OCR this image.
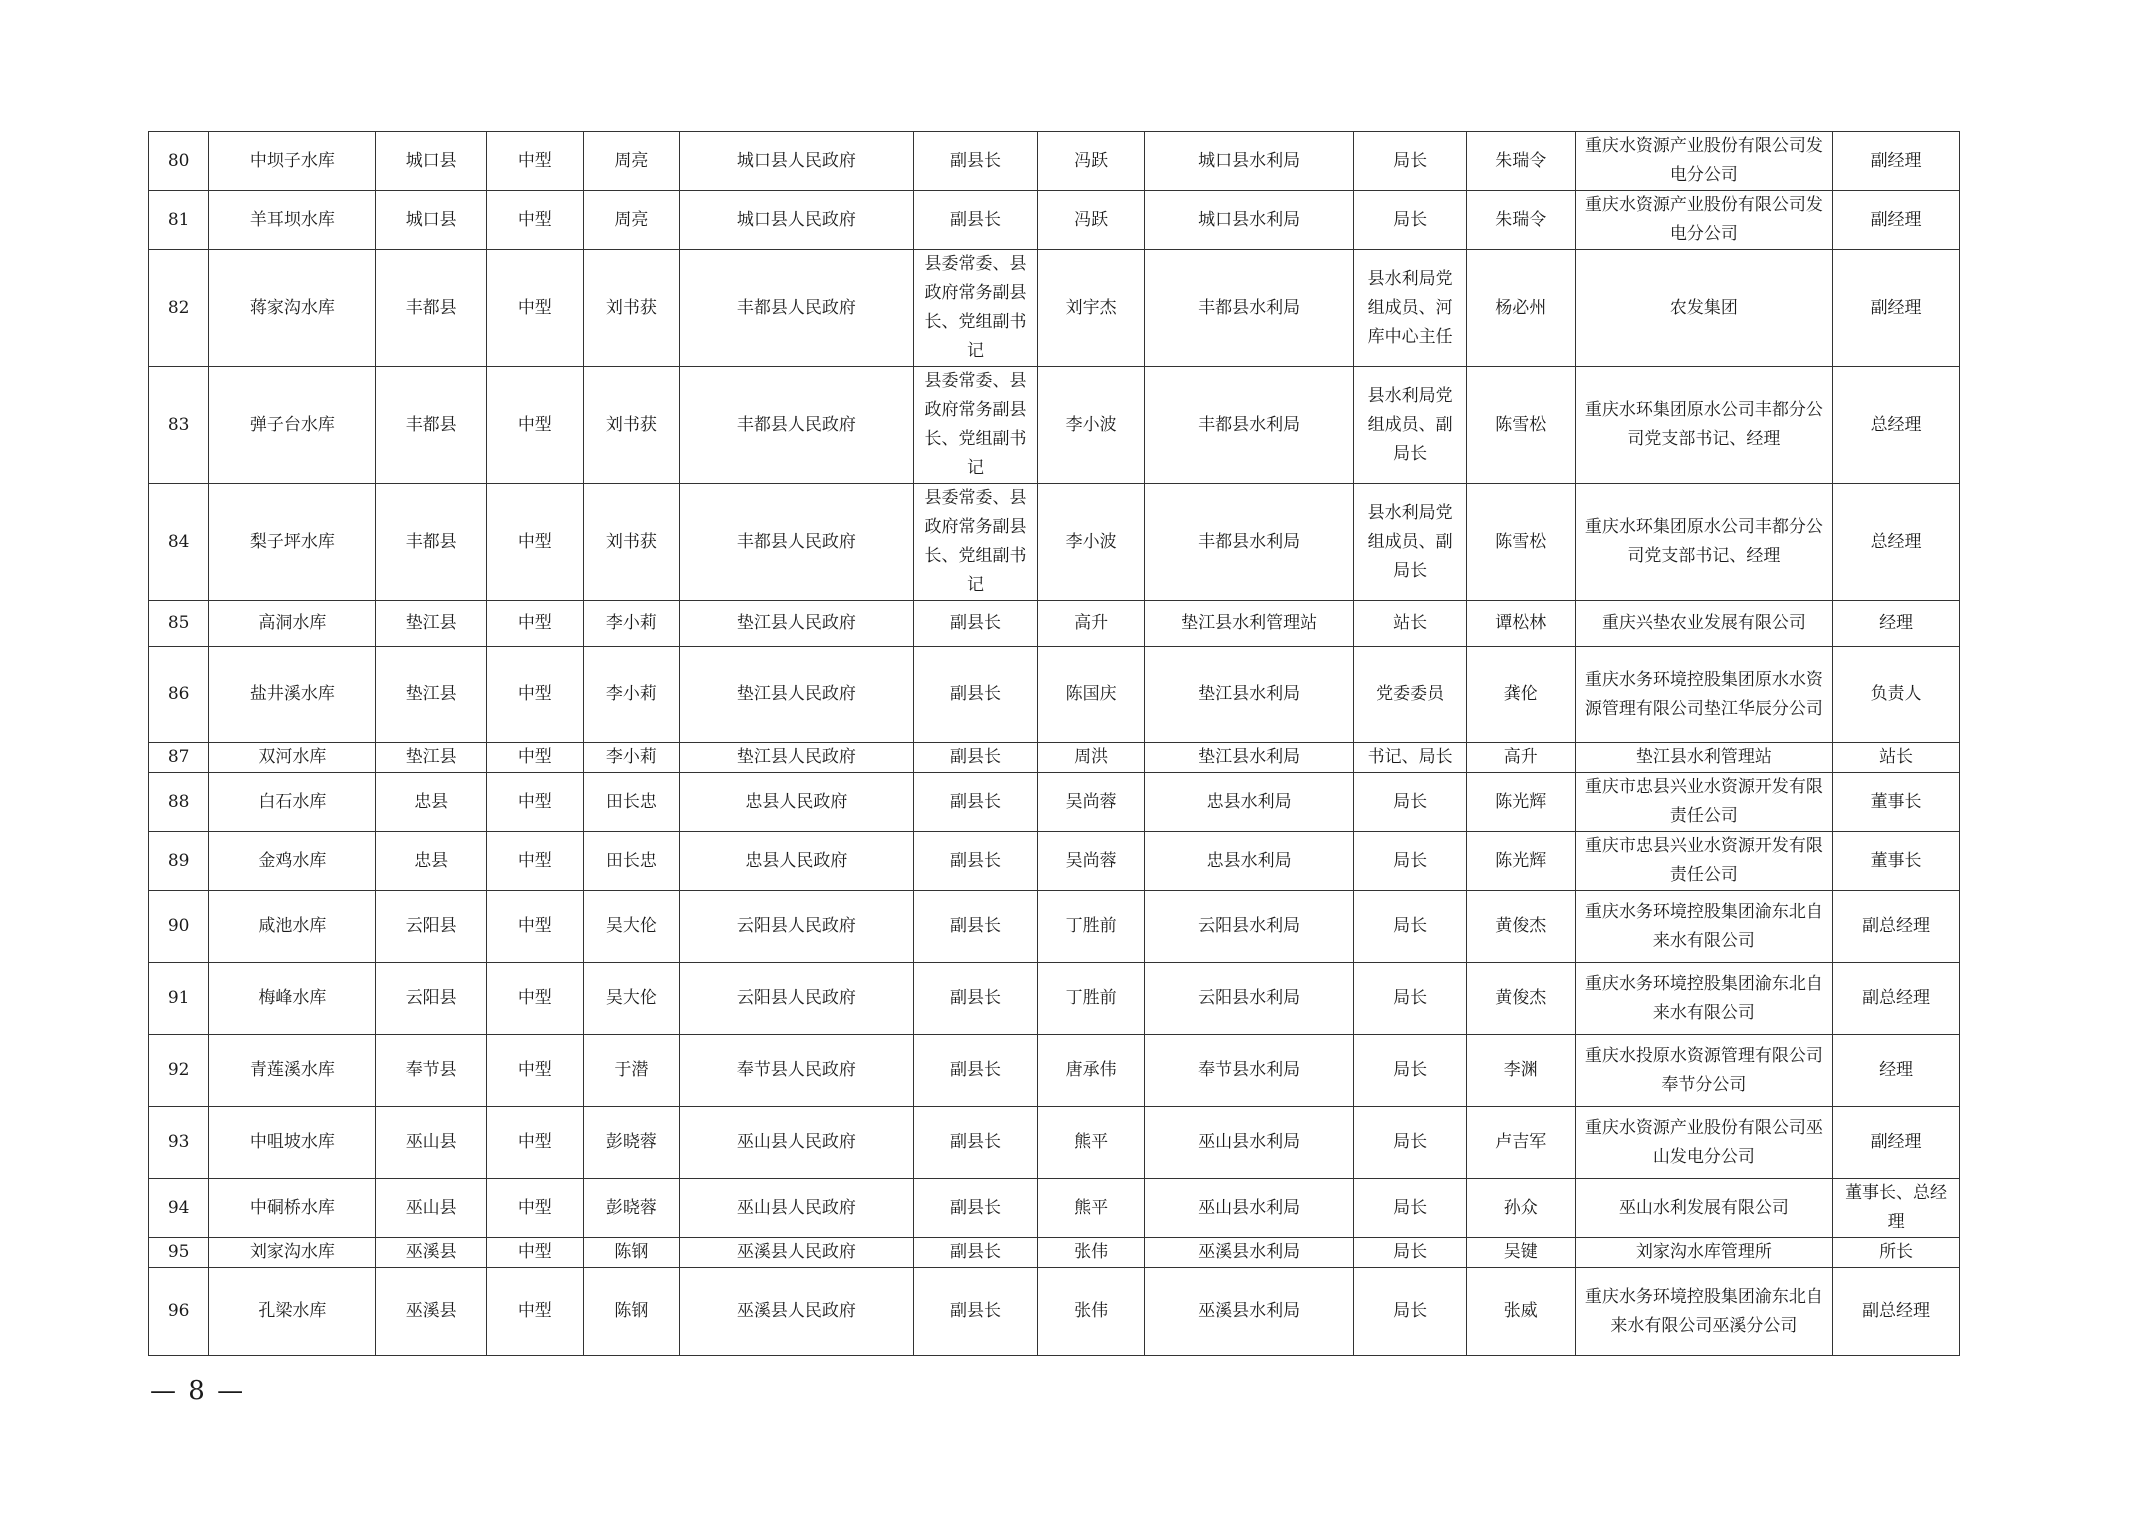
80	中坝子水库	城口县	中型	周亮	城口县人民政府	副县长	冯跃	城口县水利局	局长	朱瑞令	重庆水资源产业股份有限公司发电分公司	副经理
81	羊耳坝水库	城口县	中型	周亮	城口县人民政府	副县长	冯跃	城口县水利局	局长	朱瑞令	重庆水资源产业股份有限公司发电分公司	副经理
82	蒋家沟水库	丰都县	中型	刘书获	丰都县人民政府	县委常委、县政府常务副县长、党组副书记	刘宇杰	丰都县水利局	县水利局党组成员、河库中心主任	杨必州	农发集团	副经理
83	弹子台水库	丰都县	中型	刘书获	丰都县人民政府	县委常委、县政府常务副县长、党组副书记	李小波	丰都县水利局	县水利局党组成员、副局长	陈雪松	重庆水环集团原水公司丰都分公司党支部书记、经理	总经理
84	梨子坪水库	丰都县	中型	刘书获	丰都县人民政府	县委常委、县政府常务副县长、党组副书记	李小波	丰都县水利局	县水利局党组成员、副局长	陈雪松	重庆水环集团原水公司丰都分公司党支部书记、经理	总经理
85	高洞水库	垫江县	中型	李小莉	垫江县人民政府	副县长	高升	垫江县水利管理站	站长	谭松林	重庆兴垫农业发展有限公司	经理
86	盐井溪水库	垫江县	中型	李小莉	垫江县人民政府	副县长	陈国庆	垫江县水利局	党委委员	龚伦	重庆水务环境控股集团原水水资源管理有限公司垫江华辰分公司	负责人
87	双河水库	垫江县	中型	李小莉	垫江县人民政府	副县长	周洪	垫江县水利局	书记、局长	高升	垫江县水利管理站	站长
88	白石水库	忠县	中型	田长忠	忠县人民政府	副县长	吴尚蓉	忠县水利局	局长	陈光辉	重庆市忠县兴业水资源开发有限责任公司	董事长
89	金鸡水库	忠县	中型	田长忠	忠县人民政府	副县长	吴尚蓉	忠县水利局	局长	陈光辉	重庆市忠县兴业水资源开发有限责任公司	董事长
90	咸池水库	云阳县	中型	吴大伦	云阳县人民政府	副县长	丁胜前	云阳县水利局	局长	黄俊杰	重庆水务环境控股集团渝东北自来水有限公司	副总经理
91	梅峰水库	云阳县	中型	吴大伦	云阳县人民政府	副县长	丁胜前	云阳县水利局	局长	黄俊杰	重庆水务环境控股集团渝东北自来水有限公司	副总经理
92	青莲溪水库	奉节县	中型	于潜	奉节县人民政府	副县长	唐承伟	奉节县水利局	局长	李渊	重庆水投原水资源管理有限公司奉节分公司	经理
93	中咀坡水库	巫山县	中型	彭晓蓉	巫山县人民政府	副县长	熊平	巫山县水利局	局长	卢吉军	重庆水资源产业股份有限公司巫山发电分公司	副经理
94	中硐桥水库	巫山县	中型	彭晓蓉	巫山县人民政府	副县长	熊平	巫山县水利局	局长	孙众	巫山水利发展有限公司	董事长、总经理
95	刘家沟水库	巫溪县	中型	陈钢	巫溪县人民政府	副县长	张伟	巫溪县水利局	局长	吴键	刘家沟水库管理所	所长
96	孔梁水库	巫溪县	中型	陈钢	巫溪县人民政府	副县长	张伟	巫溪县水利局	局长	张威	重庆水务环境控股集团渝东北自来水有限公司巫溪分公司	副总经理
— 8 —
